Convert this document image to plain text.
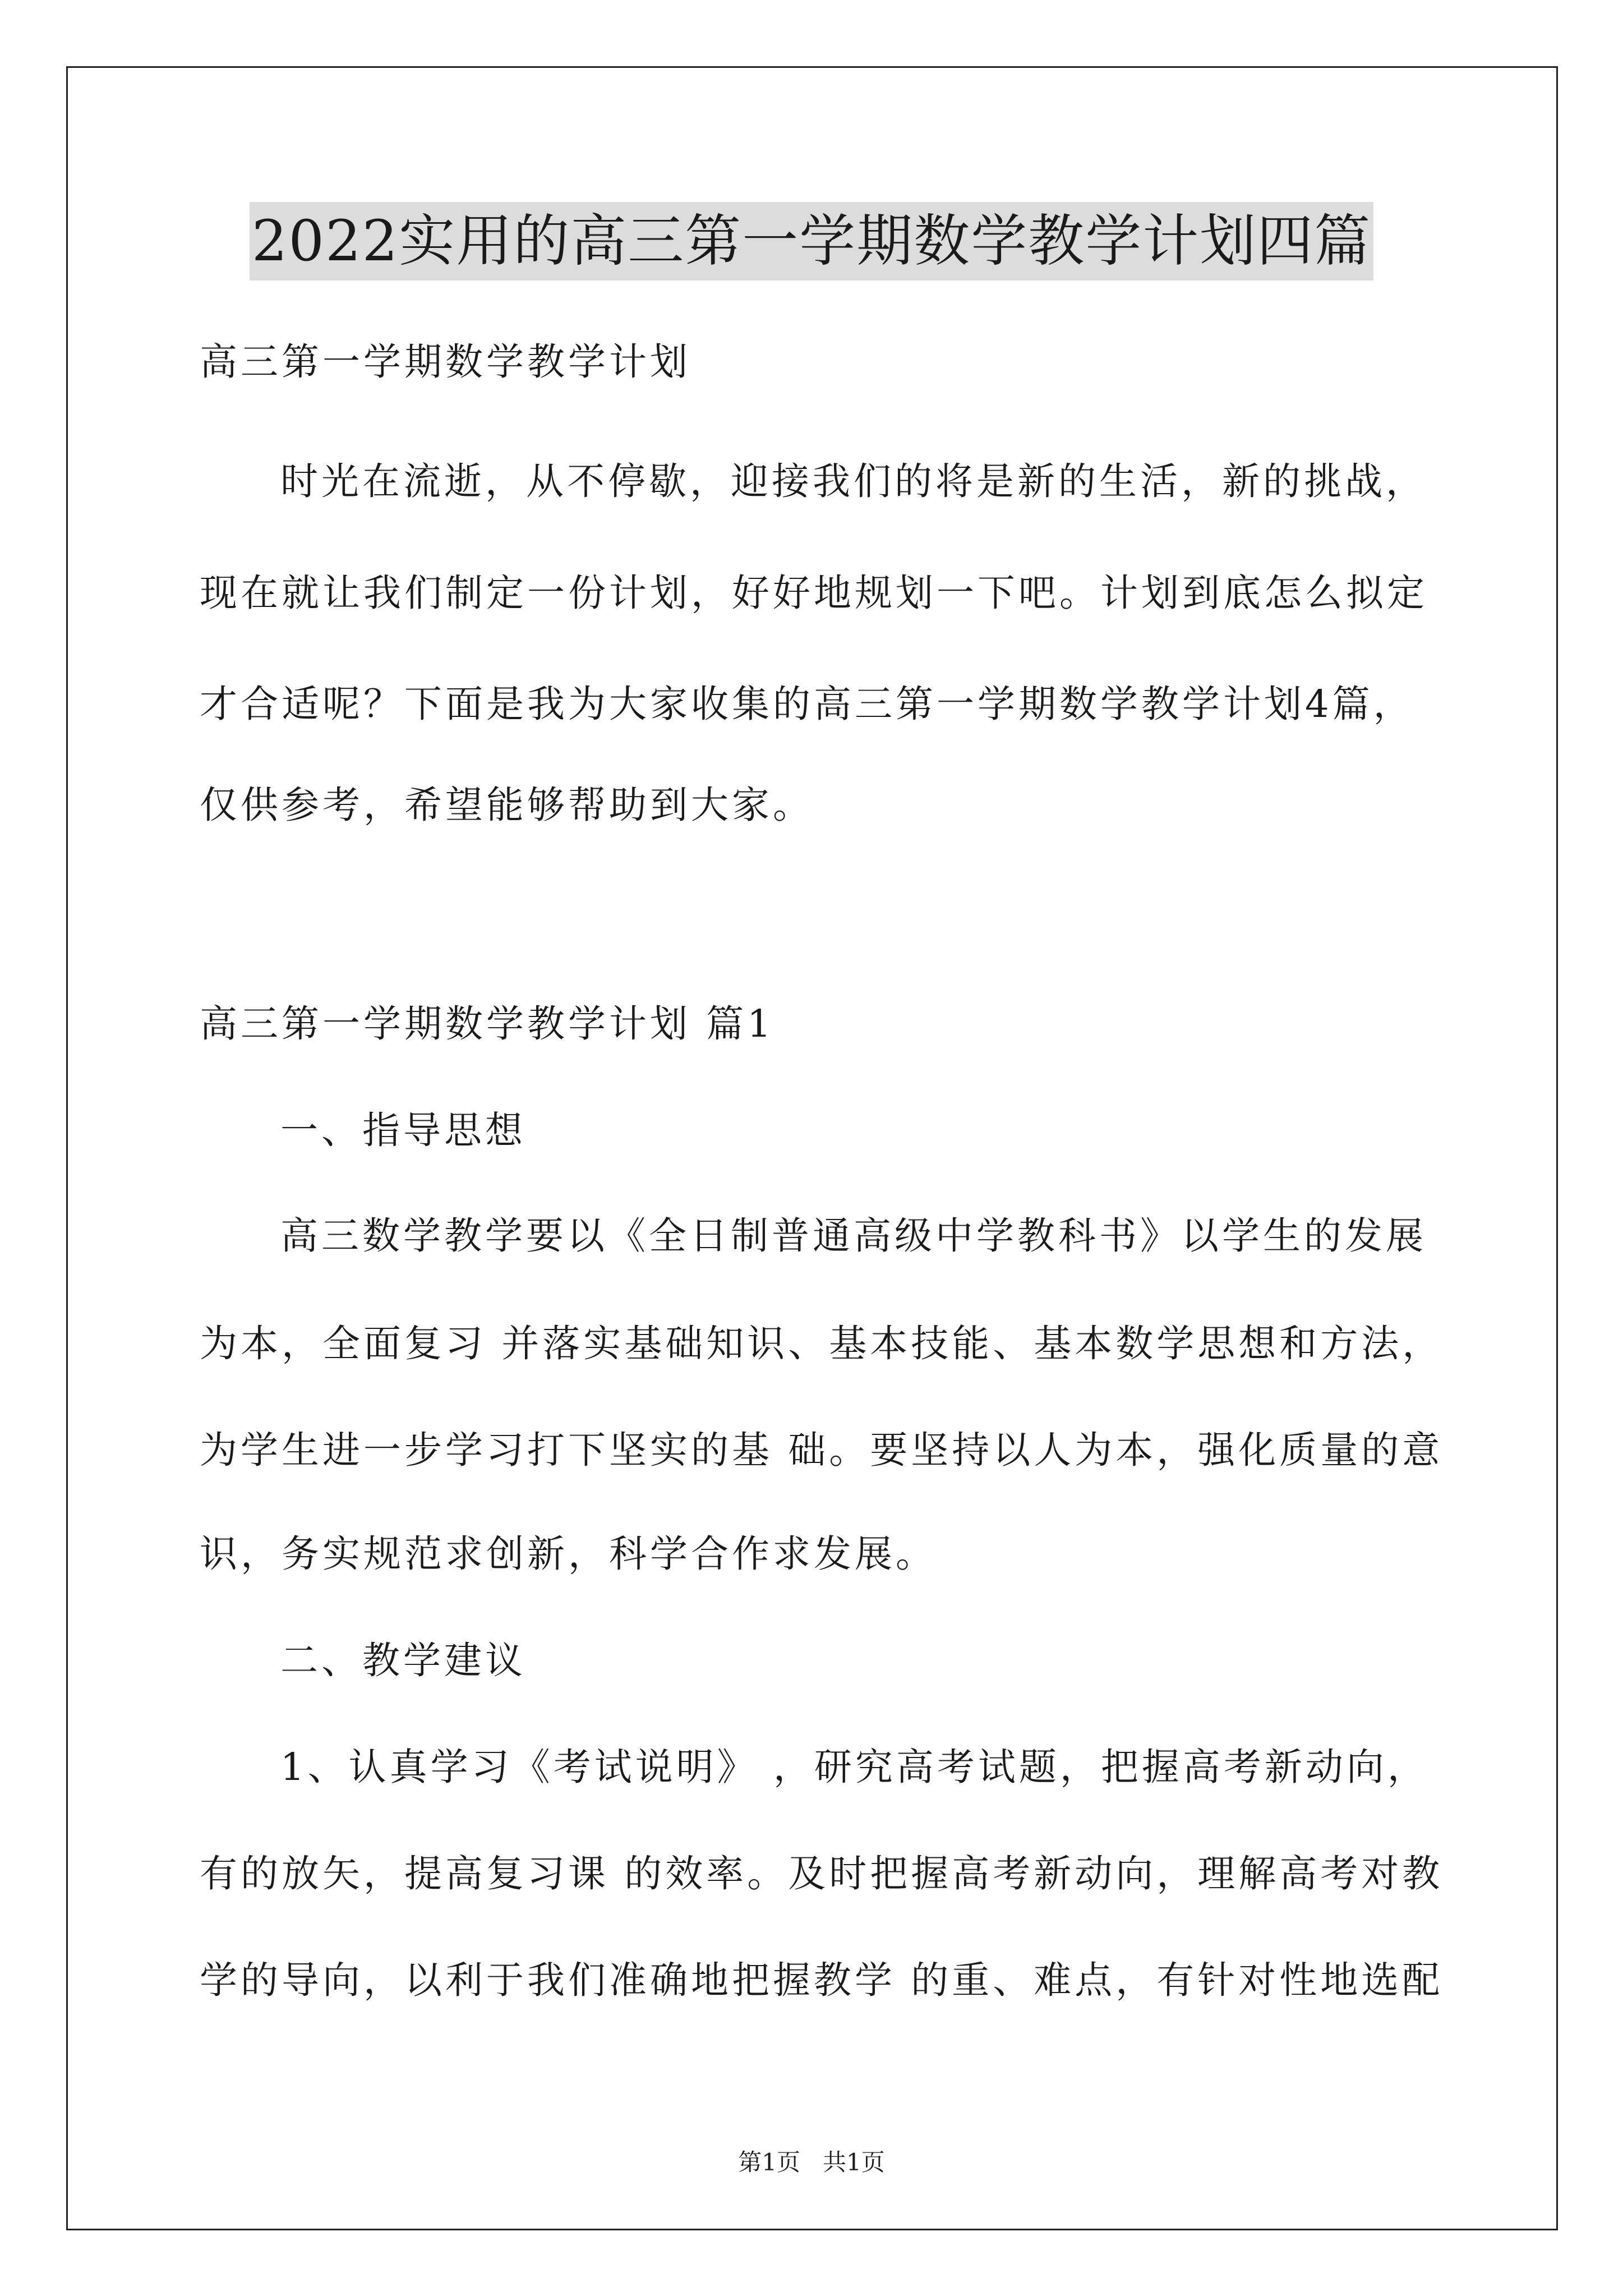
2022实用的高三第一学期数学教学计划四篇
高三第一学期数学教学计划
时光在流逝，从不停歇，迎接我们的将是新的生活，新的挑战，
现在就让我们制定一份计划，好好地规划一下吧。计划到底怎么拟定
才合适呢？下面是我为大家收集的高三第一学期数学教学计划4篇，
仅供参考，希望能够帮助到大家。
高三第一学期数学教学计划 篇1
一、指导思想
高三数学教学要以《全日制普通高级中学教科书》以学生的发展
为本，全面复习 并落实基础知识、基本技能、基本数学思想和方法，
为学生进一步学习打下坚实的基 础。要坚持以人为本，强化质量的意
识，务实规范求创新，科学合作求发展。
二、教学建议
1、认真学习《考试说明》 ，研究高考试题，把握高考新动向，
有的放矢，提高复习课 的效率。及时把握高考新动向，理解高考对教
学的导向，以利于我们准确地把握教学 的重、难点，有针对性地选配
第1页   共1页
